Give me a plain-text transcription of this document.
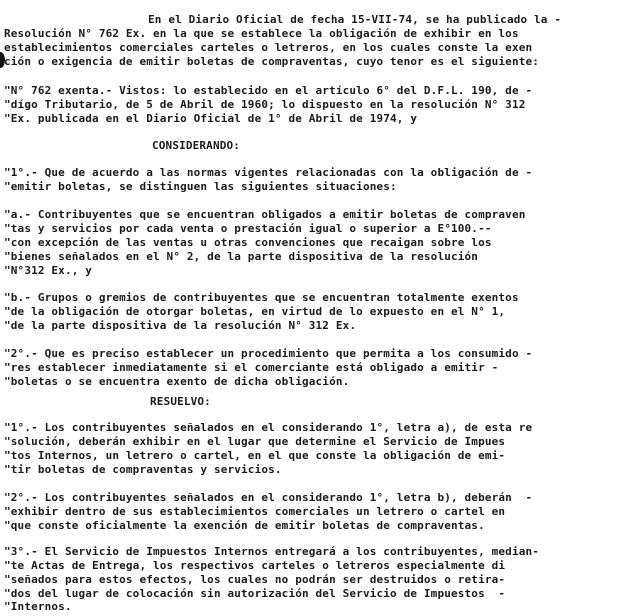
En el Diario Oficial de fecha 15-VII-74, se ha publicado la -
Resolución N° 762 Ex. en la que se establece la obligación de exhibir en los
establecimientos comerciales carteles o letreros, en los cuales conste la exen
ción o exigencia de emitir boletas de compraventas, cuyo tenor es el siguiente:
"N° 762 exenta.- Vistos: lo establecido en el artículo 6° del D.F.L. 190, de -
"dígo Tributario, de 5 de Abril de 1960; lo dispuesto en la resolución N° 312
"Ex. publicada en el Diario Oficial de 1° de Abril de 1974, y
CONSIDERANDO:
"1°.- Que de acuerdo a las normas vigentes relacionadas con la obligación de -
"emitir boletas, se distinguen las siguientes situaciones:
"a.- Contribuyentes que se encuentran obligados a emitir boletas de compraven
"tas y servicios por cada venta o prestación igual o superior a E°100.--
"con excepción de las ventas u otras convenciones que recaigan sobre los
"bienes señalados en el N° 2, de la parte dispositiva de la resolución
"N°312 Ex., y
"b.- Grupos o gremios de contribuyentes que se encuentran totalmente exentos
"de la obligación de otorgar boletas, en virtud de lo expuesto en el N° 1,
"de la parte dispositiva de la resolución N° 312 Ex.
"2°.- Que es preciso establecer un procedimiento que permita a los consumido -
"res establecer inmediatamente si el comerciante está obligado a emitir -
"boletas o se encuentra exento de dicha obligación.
RESUELVO:
"1°.- Los contribuyentes señalados en el considerando 1°, letra a), de esta re
"solución, deberán exhibir en el lugar que determine el Servicio de Impues
"tos Internos, un letrero o cartel, en el que conste la obligación de emi-
"tir boletas de compraventas y servicios.
"2°.- Los contribuyentes señalados en el considerando 1°, letra b), deberán  -
"exhibir dentro de sus establecimientos comerciales un letrero o cartel en
"que conste oficialmente la exención de emitir boletas de compraventas.
"3°.- El Servicio de Impuestos Internos entregará a los contribuyentes, median-
"te Actas de Entrega, los respectivos carteles o letreros especialmente di
"señados para estos efectos, los cuales no podrán ser destruidos o retira-
"dos del lugar de colocación sin autorización del Servicio de Impuestos  -
"Internos.
